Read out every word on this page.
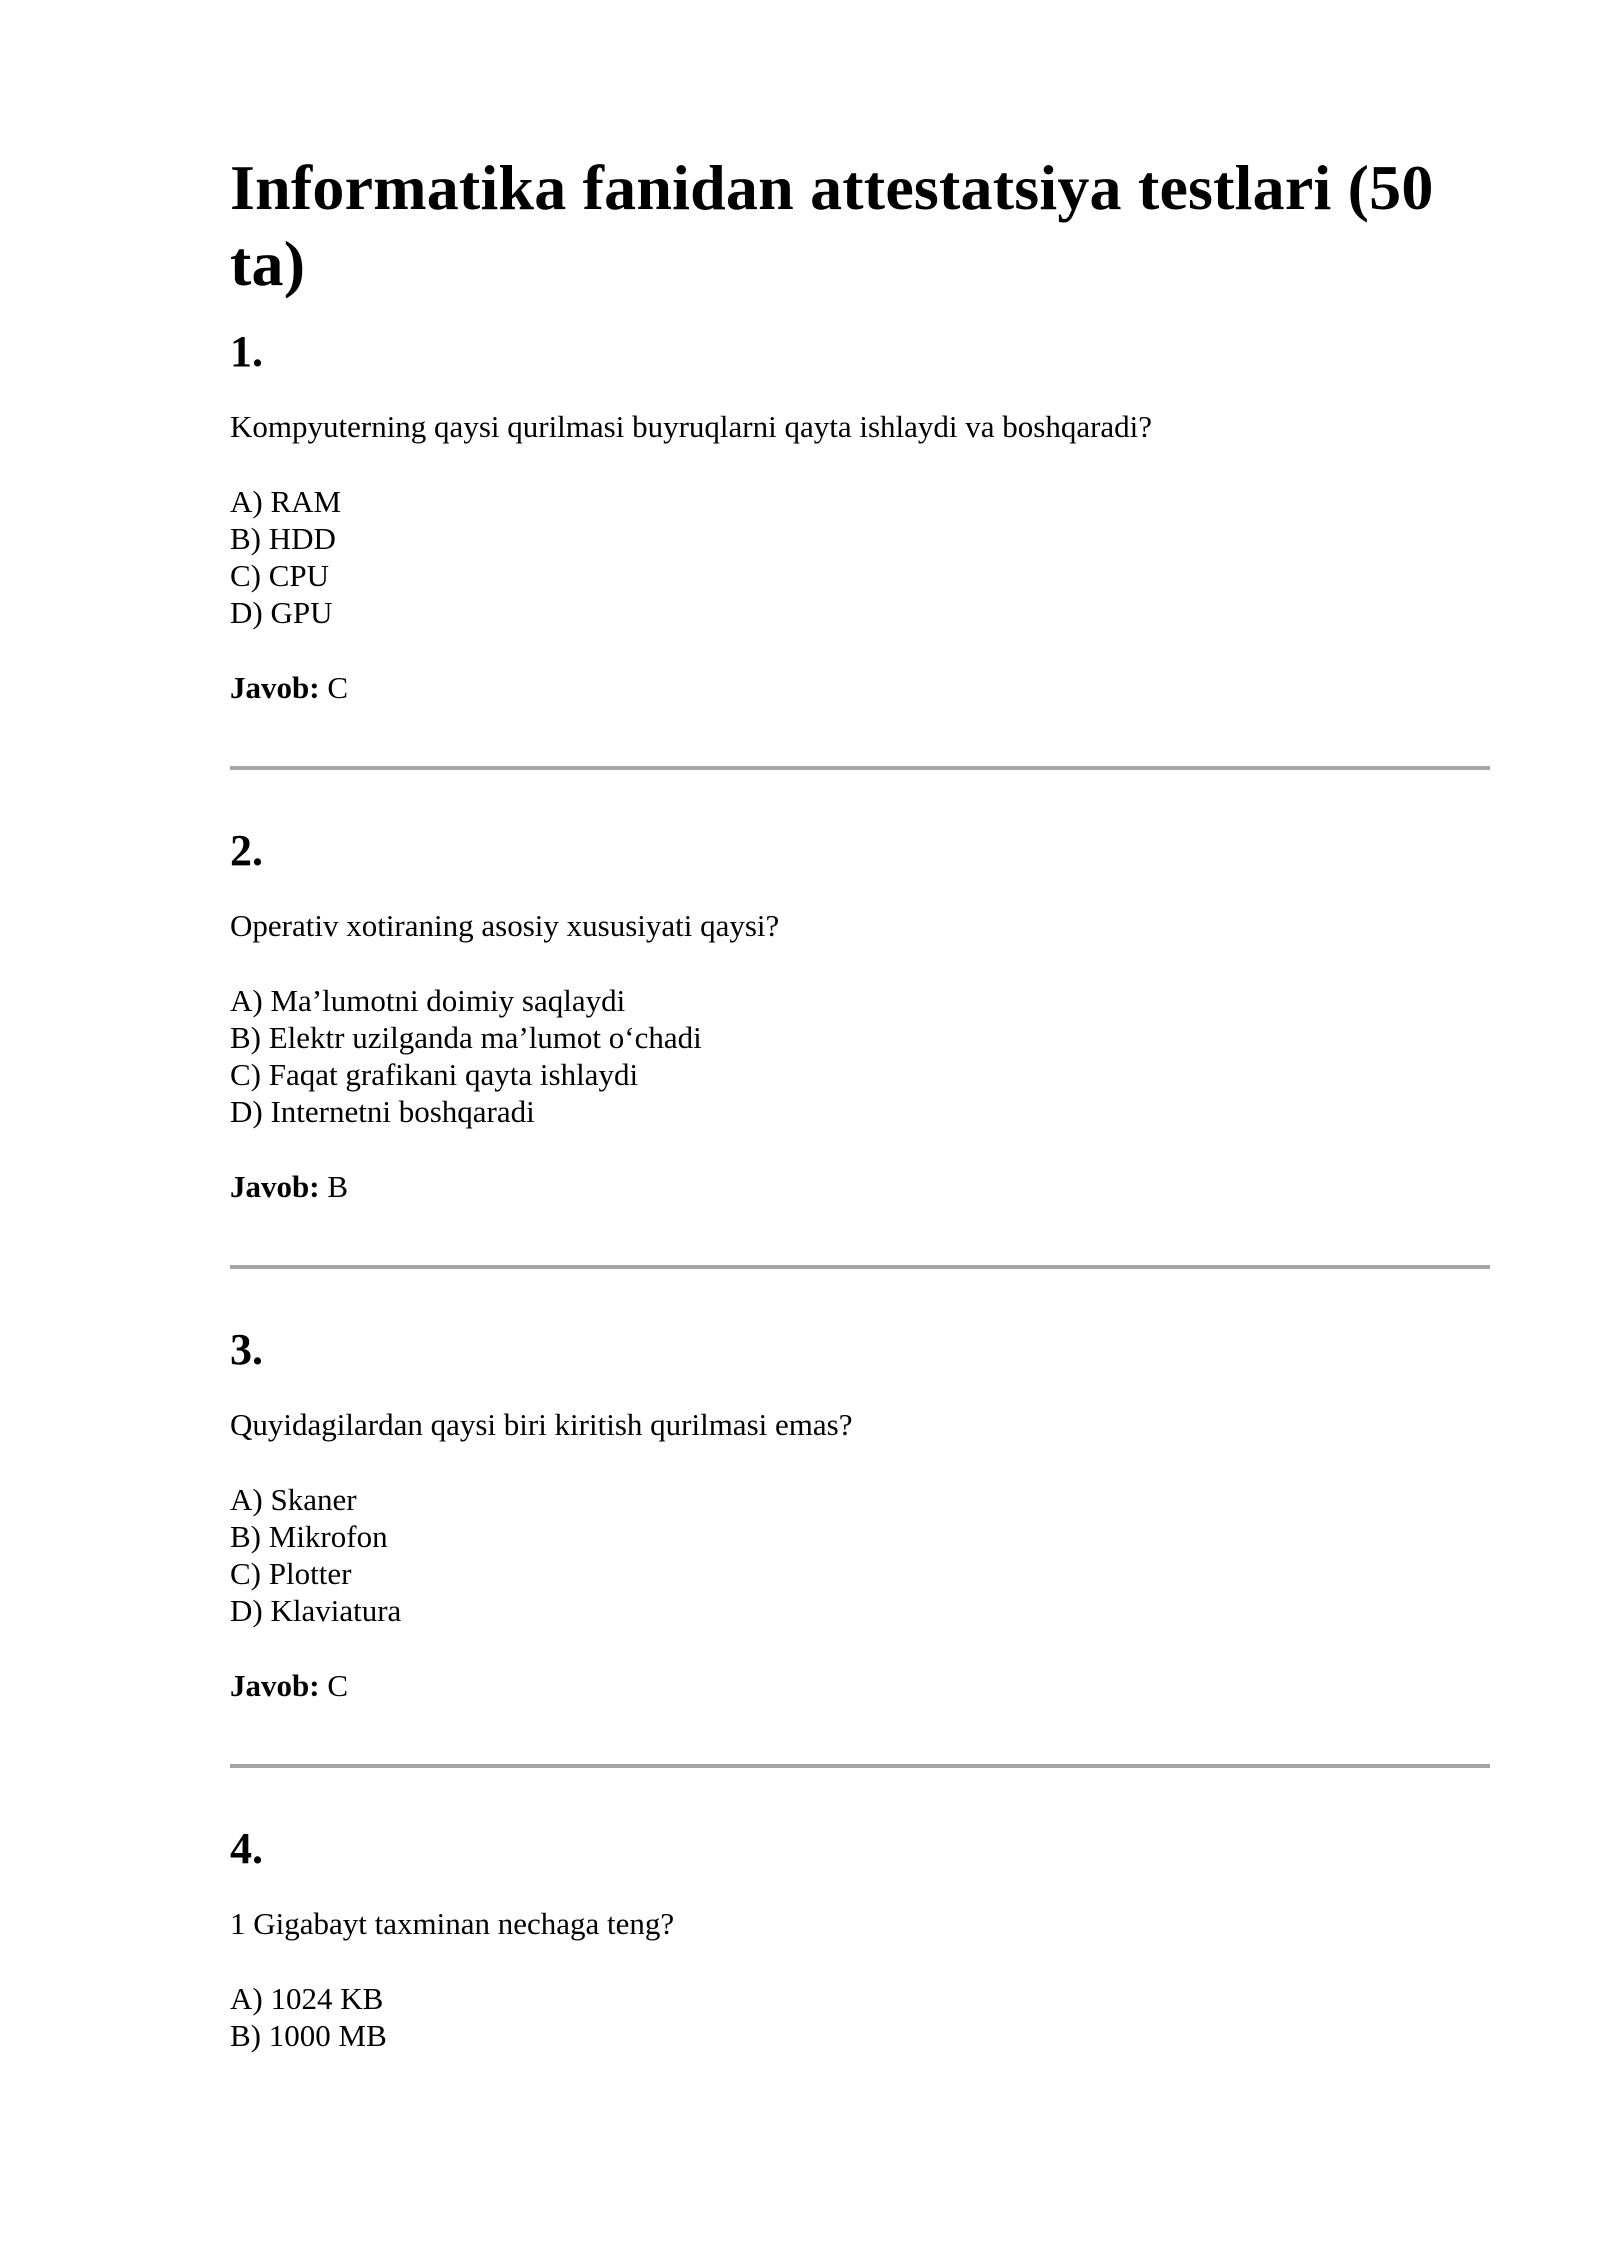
Informatika fanidan attestatsiya testlari (50 ta)
1.

Kompyuterning qaysi qurilmasi buyruqlarni qayta ishlaydi va boshqaradi?

A) RAM
B) HDD
C) CPU
D) GPU

Javob: C

2.

Operativ xotiraning asosiy xususiyati qaysi?

A) Ma’lumotni doimiy saqlaydi
B) Elektr uzilganda ma’lumot o‘chadi
C) Faqat grafikani qayta ishlaydi
D) Internetni boshqaradi

Javob: B

3.

Quyidagilardan qaysi biri kiritish qurilmasi emas?

A) Skaner
B) Mikrofon
C) Plotter
D) Klaviatura

Javob: C

4.

1 Gigabayt taxminan nechaga teng?

A) 1024 KB
B) 1000 MB
